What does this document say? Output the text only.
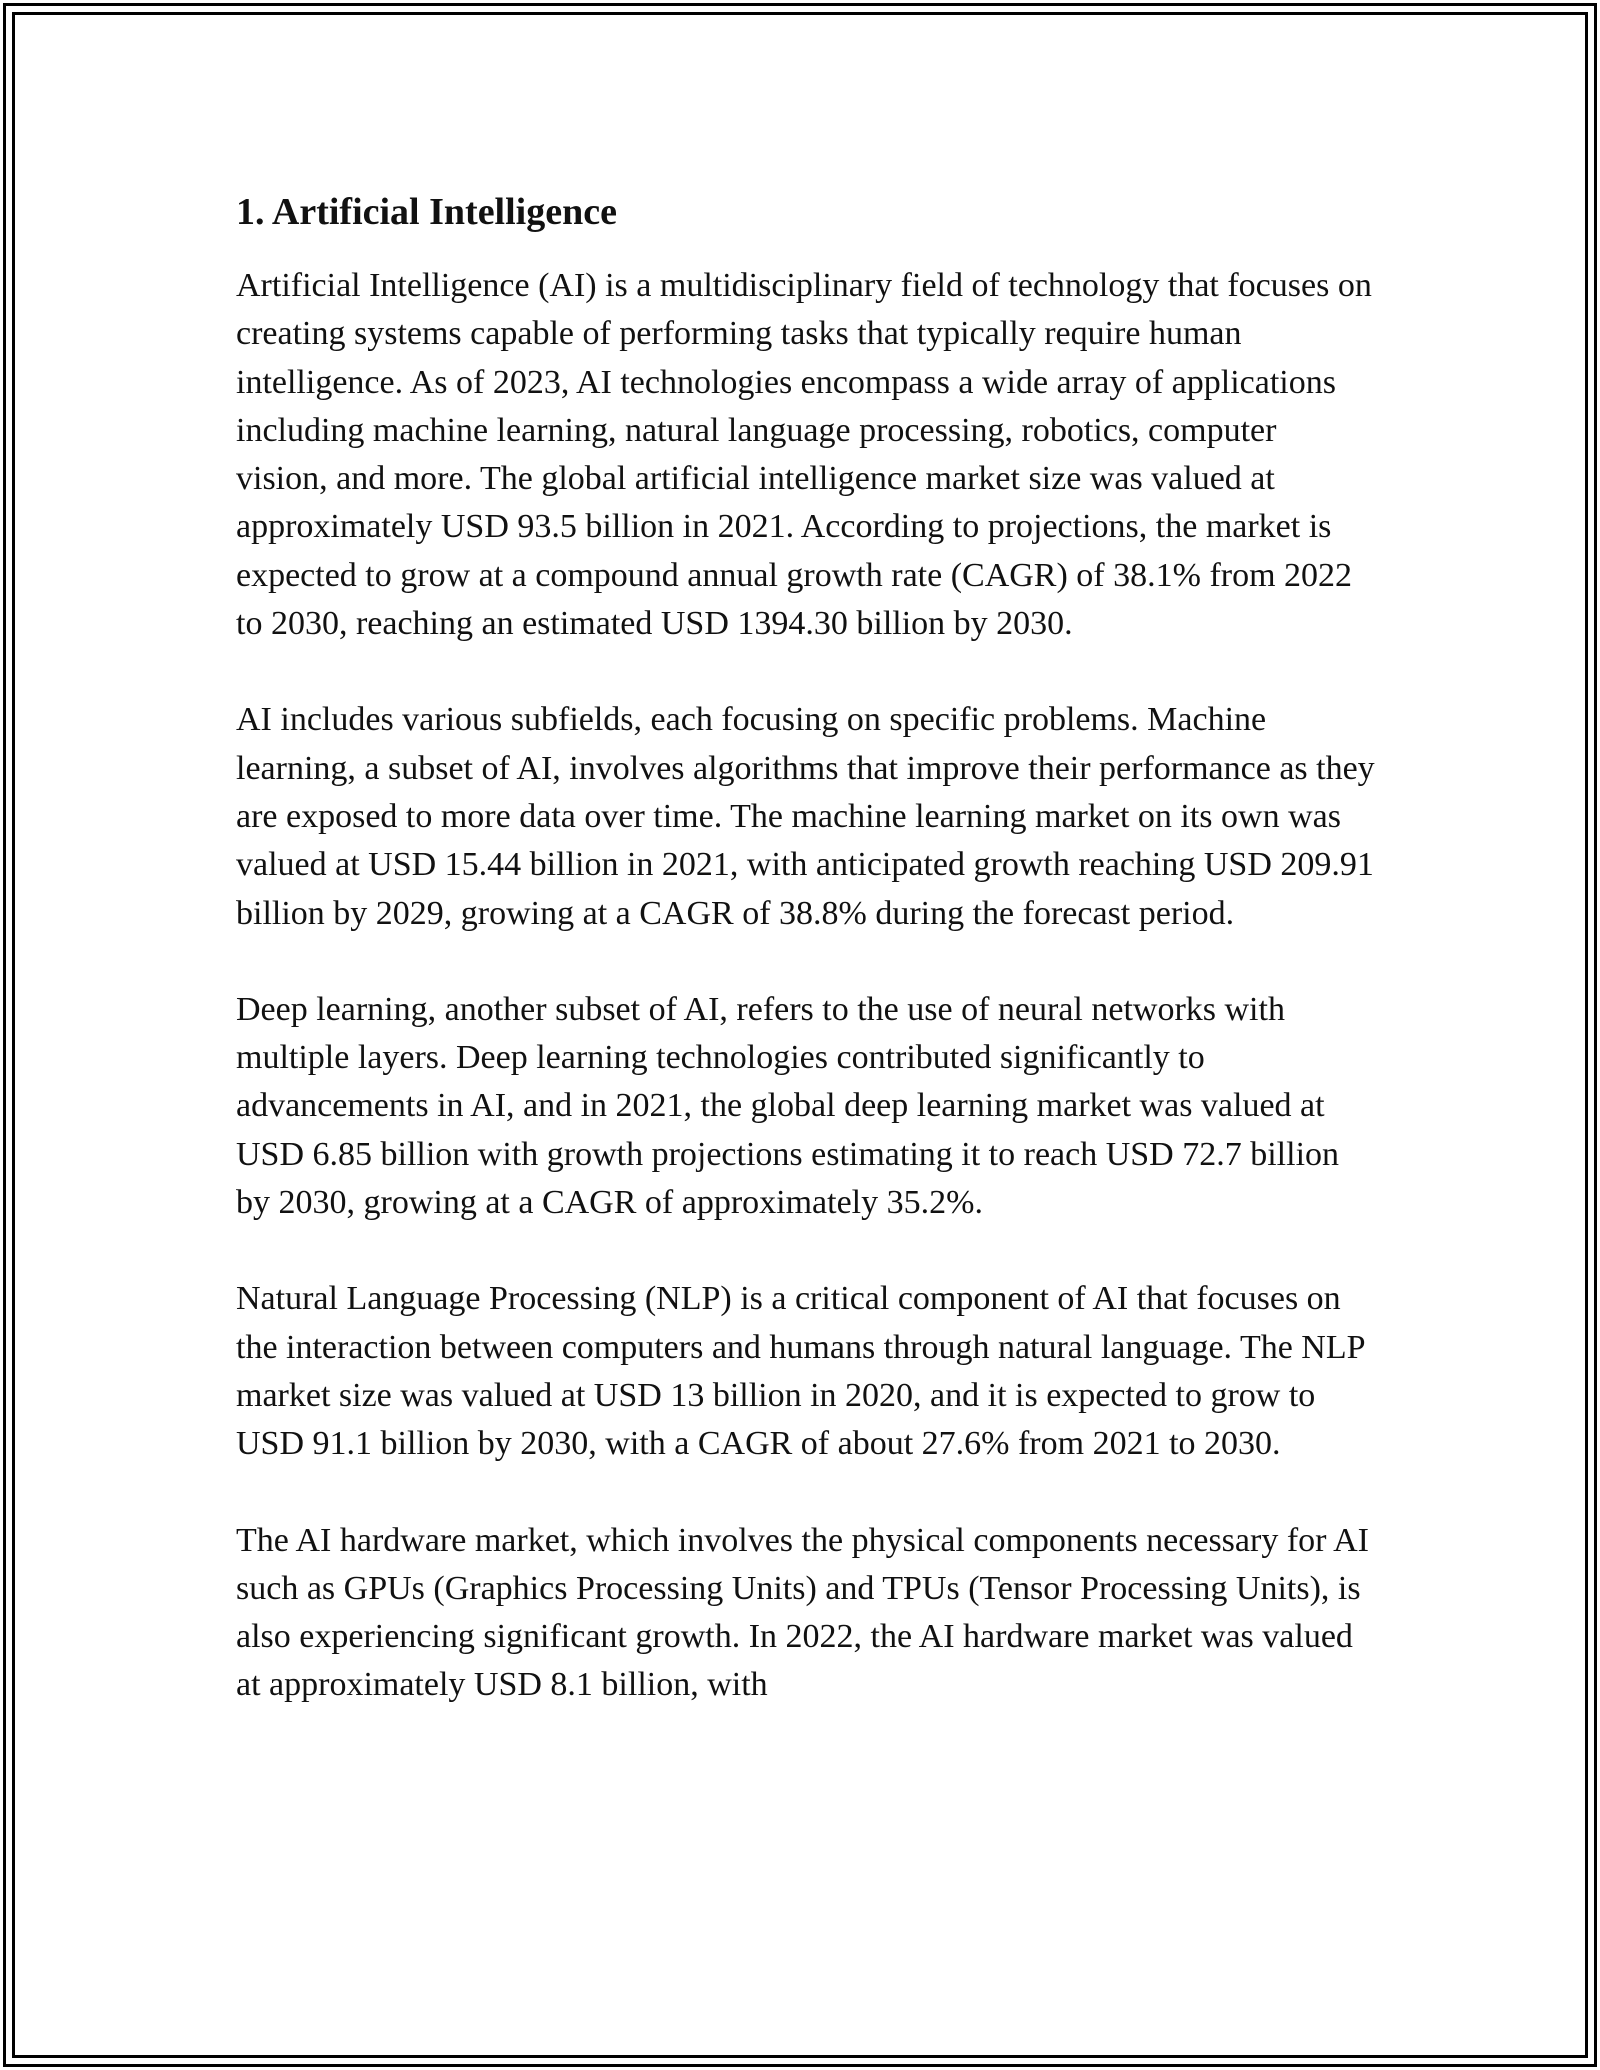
1. Artificial Intelligence

Artificial Intelligence (AI) is a multidisciplinary field of technology that focuses on creating systems capable of performing tasks that typically require human intelligence. As of 2023, AI technologies encompass a wide array of applications including machine learning, natural language processing, robotics, computer vision, and more. The global artificial intelligence market size was valued at approximately USD 93.5 billion in 2021. According to projections, the market is expected to grow at a compound annual growth rate (CAGR) of 38.1% from 2022 to 2030, reaching an estimated USD 1394.30 billion by 2030.

AI includes various subfields, each focusing on specific problems. Machine learning, a subset of AI, involves algorithms that improve their performance as they are exposed to more data over time. The machine learning market on its own was valued at USD 15.44 billion in 2021, with anticipated growth reaching USD 209.91 billion by 2029, growing at a CAGR of 38.8% during the forecast period.

Deep learning, another subset of AI, refers to the use of neural networks with multiple layers. Deep learning technologies contributed significantly to advancements in AI, and in 2021, the global deep learning market was valued at USD 6.85 billion with growth projections estimating it to reach USD 72.7 billion by 2030, growing at a CAGR of approximately 35.2%.

Natural Language Processing (NLP) is a critical component of AI that focuses on the interaction between computers and humans through natural language. The NLP market size was valued at USD 13 billion in 2020, and it is expected to grow to USD 91.1 billion by 2030, with a CAGR of about 27.6% from 2021 to 2030.

The AI hardware market, which involves the physical components necessary for AI such as GPUs (Graphics Processing Units) and TPUs (Tensor Processing Units), is also experiencing significant growth. In 2022, the AI hardware market was valued at approximately USD 8.1 billion, with
